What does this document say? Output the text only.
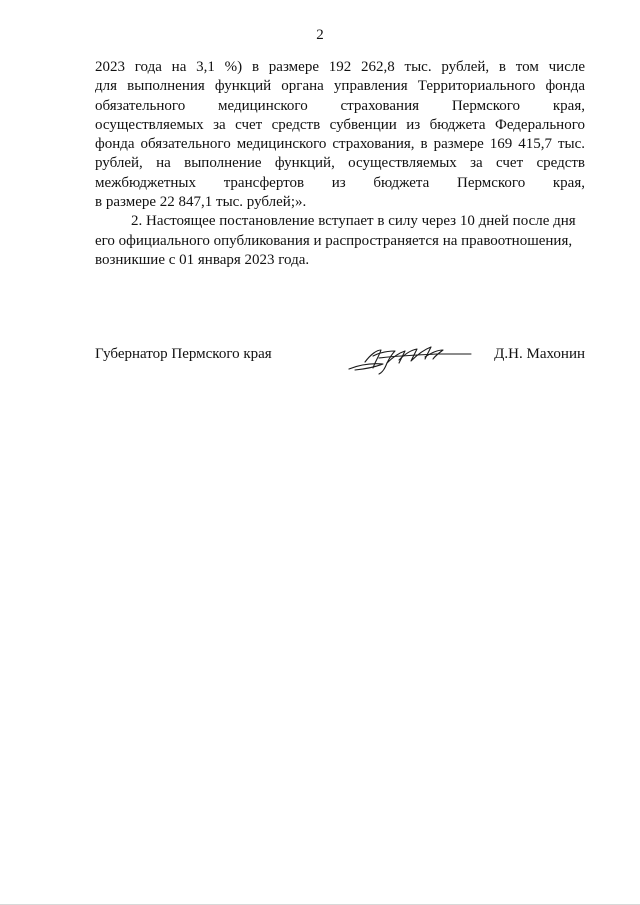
2
2023 года на 3,1 %) в размере 192 262,8 тыс. рублей, в том числе
для выполнения функций органа управления Территориального фонда
обязательного медицинского страхования Пермского края,
осуществляемых за счет средств субвенции из бюджета Федерального
фонда обязательного медицинского страхования, в размере 169 415,7 тыс.
рублей, на выполнение функций, осуществляемых за счет средств
межбюджетных трансфертов из бюджета Пермского края,
в размере 22 847,1 тыс. рублей;».
2. Настоящее постановление вступает в силу через 10 дней после дня
его официального опубликования и распространяется на правоотношения,
возникшие с 01 января 2023 года.
Губернатор Пермского края	Д.Н. Махонин
